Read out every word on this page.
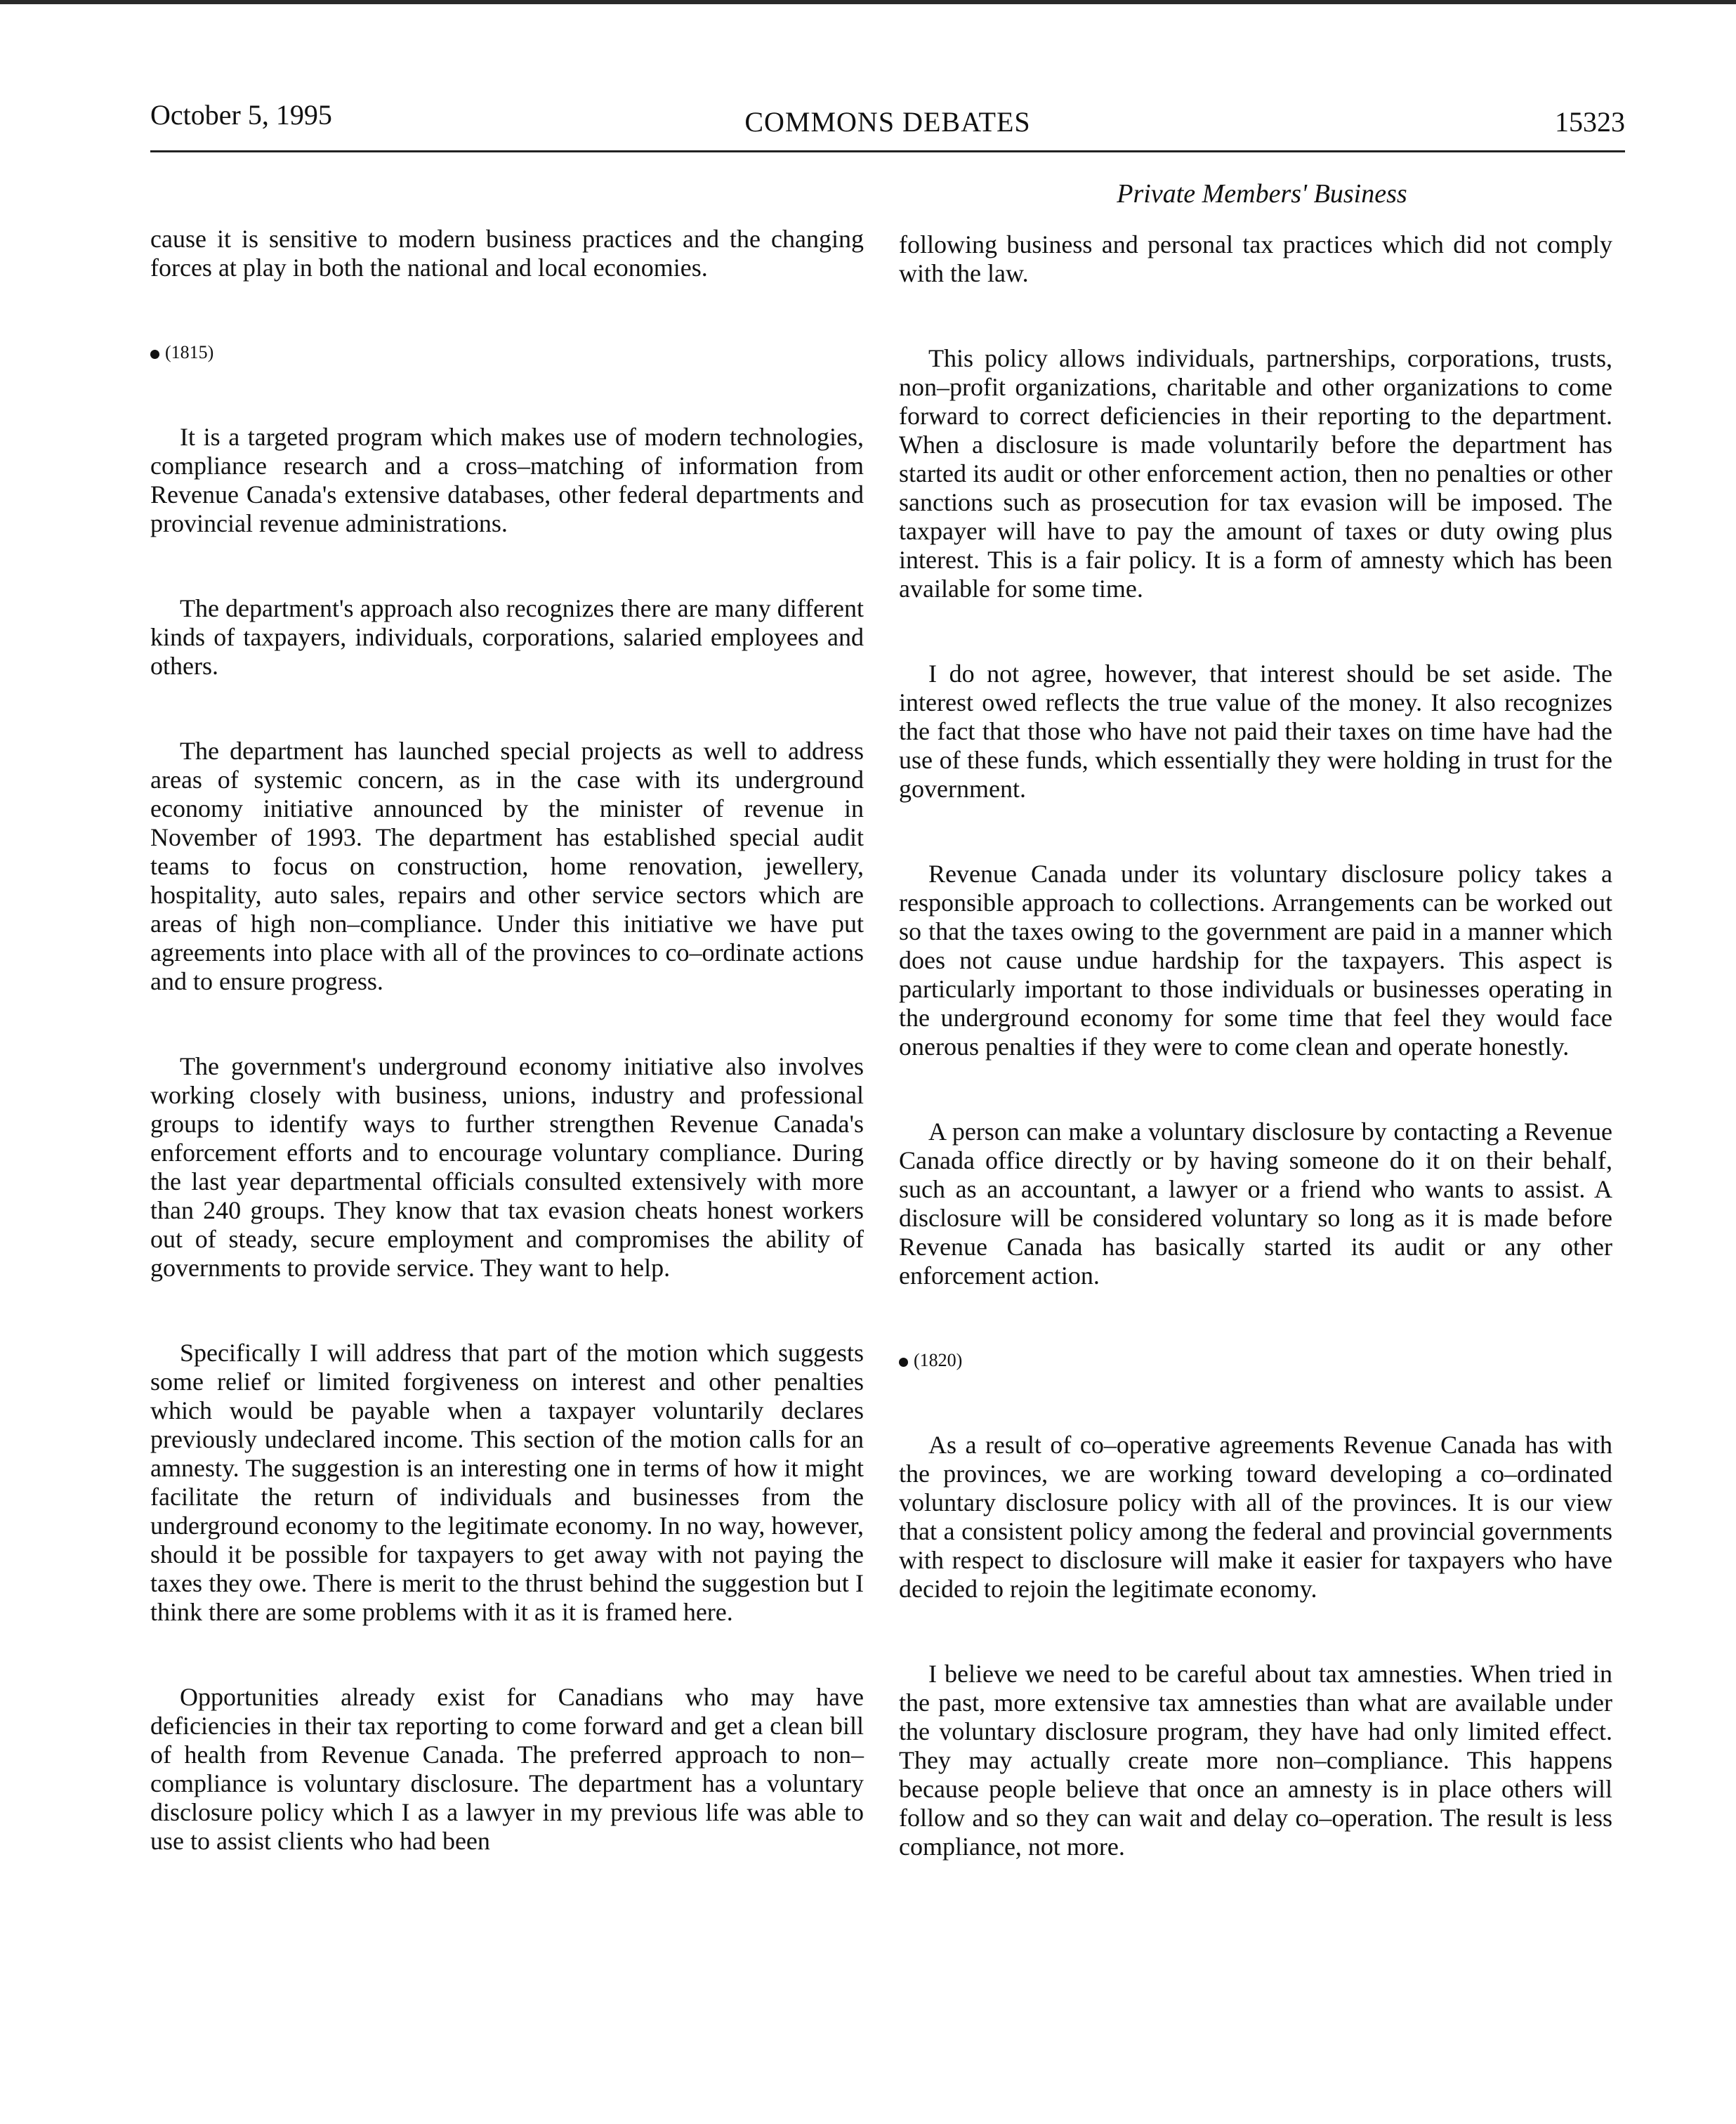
October 5, 1995	COMMONS DEBATES	15323
Private Members' Business

cause it is sensitive to modern business practices and the changing forces at play in both the national and local economies.

(1815)

It is a targeted program which makes use of modern technologies, compliance research and a cross–matching of information from Revenue Canada's extensive databases, other federal departments and provincial revenue administrations.

The department's approach also recognizes there are many different kinds of taxpayers, individuals, corporations, salaried employees and others.

The department has launched special projects as well to address areas of systemic concern, as in the case with its underground economy initiative announced by the minister of revenue in November of 1993. The department has established special audit teams to focus on construction, home renovation, jewellery, hospitality, auto sales, repairs and other service sectors which are areas of high non–compliance. Under this initiative we have put agreements into place with all of the provinces to co–ordinate actions and to ensure progress.

The government's underground economy initiative also involves working closely with business, unions, industry and professional groups to identify ways to further strengthen Revenue Canada's enforcement efforts and to encourage voluntary compliance. During the last year departmental officials consulted extensively with more than 240 groups. They know that tax evasion cheats honest workers out of steady, secure employment and compromises the ability of governments to provide service. They want to help.

Specifically I will address that part of the motion which suggests some relief or limited forgiveness on interest and other penalties which would be payable when a taxpayer voluntarily declares previously undeclared income. This section of the motion calls for an amnesty. The suggestion is an interesting one in terms of how it might facilitate the return of individuals and businesses from the underground economy to the legitimate economy. In no way, however, should it be possible for taxpayers to get away with not paying the taxes they owe. There is merit to the thrust behind the suggestion but I think there are some problems with it as it is framed here.

Opportunities already exist for Canadians who may have deficiencies in their tax reporting to come forward and get a clean bill of health from Revenue Canada. The preferred approach to non–compliance is voluntary disclosure. The department has a voluntary disclosure policy which I as a lawyer in my previous life was able to use to assist clients who had been

following business and personal tax practices which did not comply with the law.

This policy allows individuals, partnerships, corporations, trusts, non–profit organizations, charitable and other organizations to come forward to correct deficiencies in their reporting to the department. When a disclosure is made voluntarily before the department has started its audit or other enforcement action, then no penalties or other sanctions such as prosecution for tax evasion will be imposed. The taxpayer will have to pay the amount of taxes or duty owing plus interest. This is a fair policy. It is a form of amnesty which has been available for some time.

I do not agree, however, that interest should be set aside. The interest owed reflects the true value of the money. It also recognizes the fact that those who have not paid their taxes on time have had the use of these funds, which essentially they were holding in trust for the government.

Revenue Canada under its voluntary disclosure policy takes a responsible approach to collections. Arrangements can be worked out so that the taxes owing to the government are paid in a manner which does not cause undue hardship for the taxpayers. This aspect is particularly important to those individuals or businesses operating in the underground economy for some time that feel they would face onerous penalties if they were to come clean and operate honestly.

A person can make a voluntary disclosure by contacting a Revenue Canada office directly or by having someone do it on their behalf, such as an accountant, a lawyer or a friend who wants to assist. A disclosure will be considered voluntary so long as it is made before Revenue Canada has basically started its audit or any other enforcement action.

(1820)

As a result of co–operative agreements Revenue Canada has with the provinces, we are working toward developing a co–ordinated voluntary disclosure policy with all of the provinces. It is our view that a consistent policy among the federal and provincial governments with respect to disclosure will make it easier for taxpayers who have decided to rejoin the legitimate economy.

I believe we need to be careful about tax amnesties. When tried in the past, more extensive tax amnesties than what are available under the voluntary disclosure program, they have had only limited effect. They may actually create more non–compliance. This happens because people believe that once an amnesty is in place others will follow and so they can wait and delay co–operation. The result is less compliance, not more.
